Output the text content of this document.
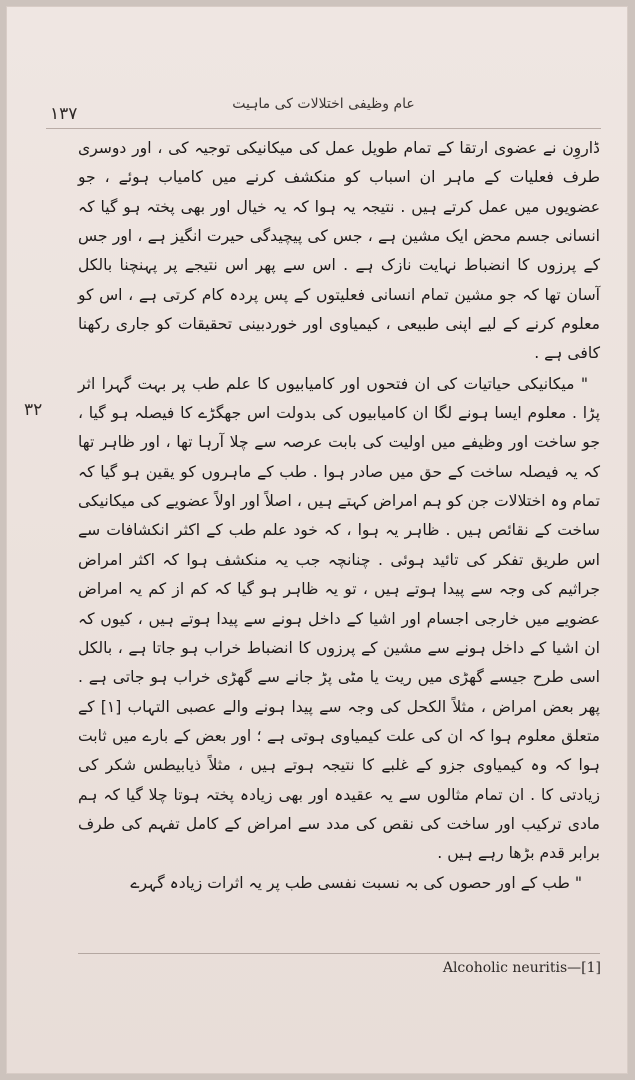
١٣٧	عام وظیفی اختلالات کی ماہیت

ڈاروِن نے عضوی ارتقا کے تمام طویل عمل کی میکانیکی توجیہ کی ، اور دوسری طرف فعلیات کے ماہر ان اسباب کو منکشف کرنے میں کامیاب ہوئے ، جو عضویوں میں عمل کرتے ہیں . نتیجہ یہ ہوا کہ یہ خیال اور بھی پختہ ہو گیا کہ انسانی جسم محض ایک مشین ہے ، جس کی پیچیدگی حیرت انگیز ہے ، اور جس کے پرزوں کا انضباط نہایت نازک ہے . اس سے پھر اس نتیجے پر پہنچنا بالکل آسان تھا کہ جو مشین تمام انسانی فعلیتوں کے پس پردہ کام کرتی ہے ، اس کو معلوم کرنے کے لیے اپنی طبیعی ، کیمیاوی اور خوردبینی تحقیقات کو جاری رکھنا کافی ہے .

" میکانیکی حیاتیات کی ان فتحوں اور کامیابیوں کا علم طب پر بہت گہرا اثر پڑا . معلوم ایسا ہونے لگا ان کامیابیوں کی بدولت اس جھگڑے کا فیصلہ ہو گیا ، جو ساخت اور وظیفے میں اولیت کی بابت عرصہ سے چلا آرہا تھا ، اور ظاہر تھا کہ یہ فیصلہ ساخت کے حق میں صادر ہوا . طب کے ماہروں کو یقین ہو گیا کہ تمام وہ اختلالات جن کو ہم امراض کہتے ہیں ، اصلاً اور اولاً عضویے کی میکانیکی ساخت کے نقائص ہیں . ظاہر یہ ہوا ، کہ خود علم طب کے اکثر انکشافات سے اس طریق تفکر کی تائید ہوئی . چنانچہ جب یہ منکشف ہوا کہ اکثر امراض جراثیم کی وجہ سے پیدا ہوتے ہیں ، تو یہ ظاہر ہو گیا کہ کم از کم یہ امراض عضویے میں خارجی اجسام اور اشیا کے داخل ہونے سے پیدا ہوتے ہیں ، کیوں کہ ان اشیا کے داخل ہونے سے مشین کے پرزوں کا انضباط خراب ہو جاتا ہے ، بالکل اسی طرح جیسے گھڑی میں ریت یا مٹی پڑ جانے سے گھڑی خراب ہو جاتی ہے . پھر بعض امراض ، مثلاً الکحل کی وجہ سے پیدا ہونے والے عصبی التہاب [١] کے متعلق معلوم ہوا کہ ان کی علت کیمیاوی ہوتی ہے ؛ اور بعض کے بارے میں ثابت ہوا کہ وہ کیمیاوی جزو کے غلبے کا نتیجہ ہوتے ہیں ، مثلاً ذیابیطس شکر کی زیادتی کا . ان تمام مثالوں سے یہ عقیدہ اور بھی زیادہ پختہ ہوتا چلا گیا کہ ہم مادی ترکیب اور ساخت کی نقص کی مدد سے امراض کے کامل تفہم کی طرف برابر قدم بڑھا رہے ہیں .

" طب کے اور حصوں کی بہ نسبت نفسی طب پر یہ اثرات زیادہ گہرے

٣٢
Alcoholic neuritis—[1]
